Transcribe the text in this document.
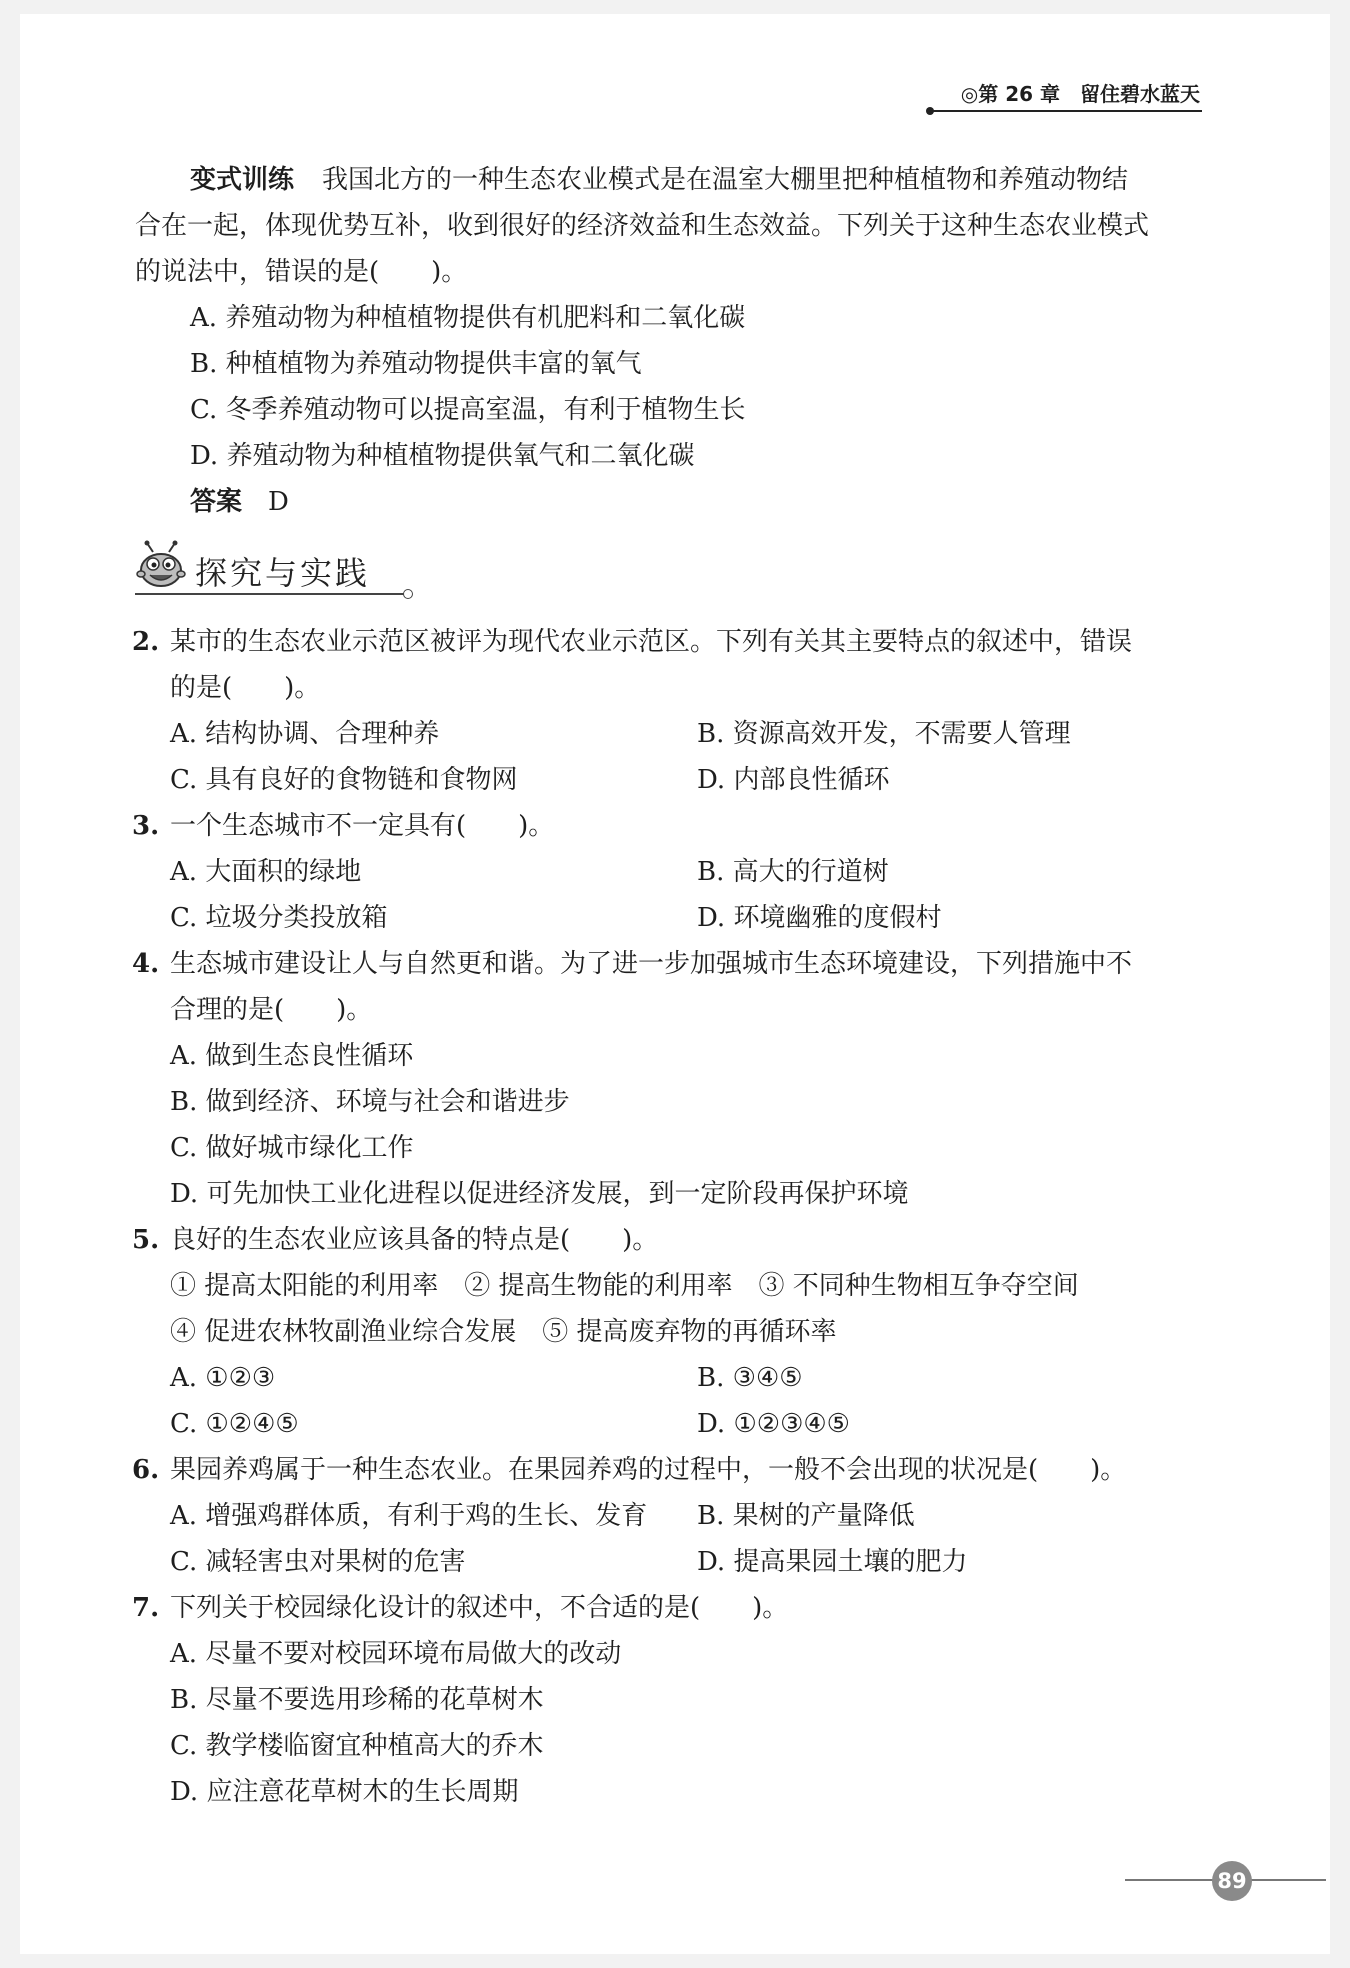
◎第 26 章　留住碧水蓝天
变式训练 我国北方的一种生态农业模式是在温室大棚里把种植植物和养殖动物结
合在一起，体现优势互补，收到很好的经济效益和生态效益。下列关于这种生态农业模式
的说法中，错误的是(　　)。
A. 养殖动物为种植植物提供有机肥料和二氧化碳
B. 种植植物为养殖动物提供丰富的氧气
C. 冬季养殖动物可以提高室温，有利于植物生长
D. 养殖动物为种植植物提供氧气和二氧化碳
答案 D
探究与实践
2. 某市的生态农业示范区被评为现代农业示范区。下列有关其主要特点的叙述中，错误
的是(　　)。
A. 结构协调、合理种养	B. 资源高效开发，不需要人管理
C. 具有良好的食物链和食物网	D. 内部良性循环
3. 一个生态城市不一定具有(　　)。
A. 大面积的绿地	B. 高大的行道树
C. 垃圾分类投放箱	D. 环境幽雅的度假村
4. 生态城市建设让人与自然更和谐。为了进一步加强城市生态环境建设，下列措施中不
合理的是(　　)。
A. 做到生态良性循环
B. 做到经济、环境与社会和谐进步
C. 做好城市绿化工作
D. 可先加快工业化进程以促进经济发展，到一定阶段再保护环境
5. 良好的生态农业应该具备的特点是(　　)。
① 提高太阳能的利用率　② 提高生物能的利用率　③ 不同种生物相互争夺空间
④ 促进农林牧副渔业综合发展　⑤ 提高废弃物的再循环率
A. ①②③	B. ③④⑤
C. ①②④⑤	D. ①②③④⑤
6. 果园养鸡属于一种生态农业。在果园养鸡的过程中，一般不会出现的状况是(　　)。
A. 增强鸡群体质，有利于鸡的生长、发育 B. 果树的产量降低
C. 减轻害虫对果树的危害	D. 提高果园土壤的肥力
7. 下列关于校园绿化设计的叙述中，不合适的是(　　)。
A. 尽量不要对校园环境布局做大的改动
B. 尽量不要选用珍稀的花草树木
C. 教学楼临窗宜种植高大的乔木
D. 应注意花草树木的生长周期
89
